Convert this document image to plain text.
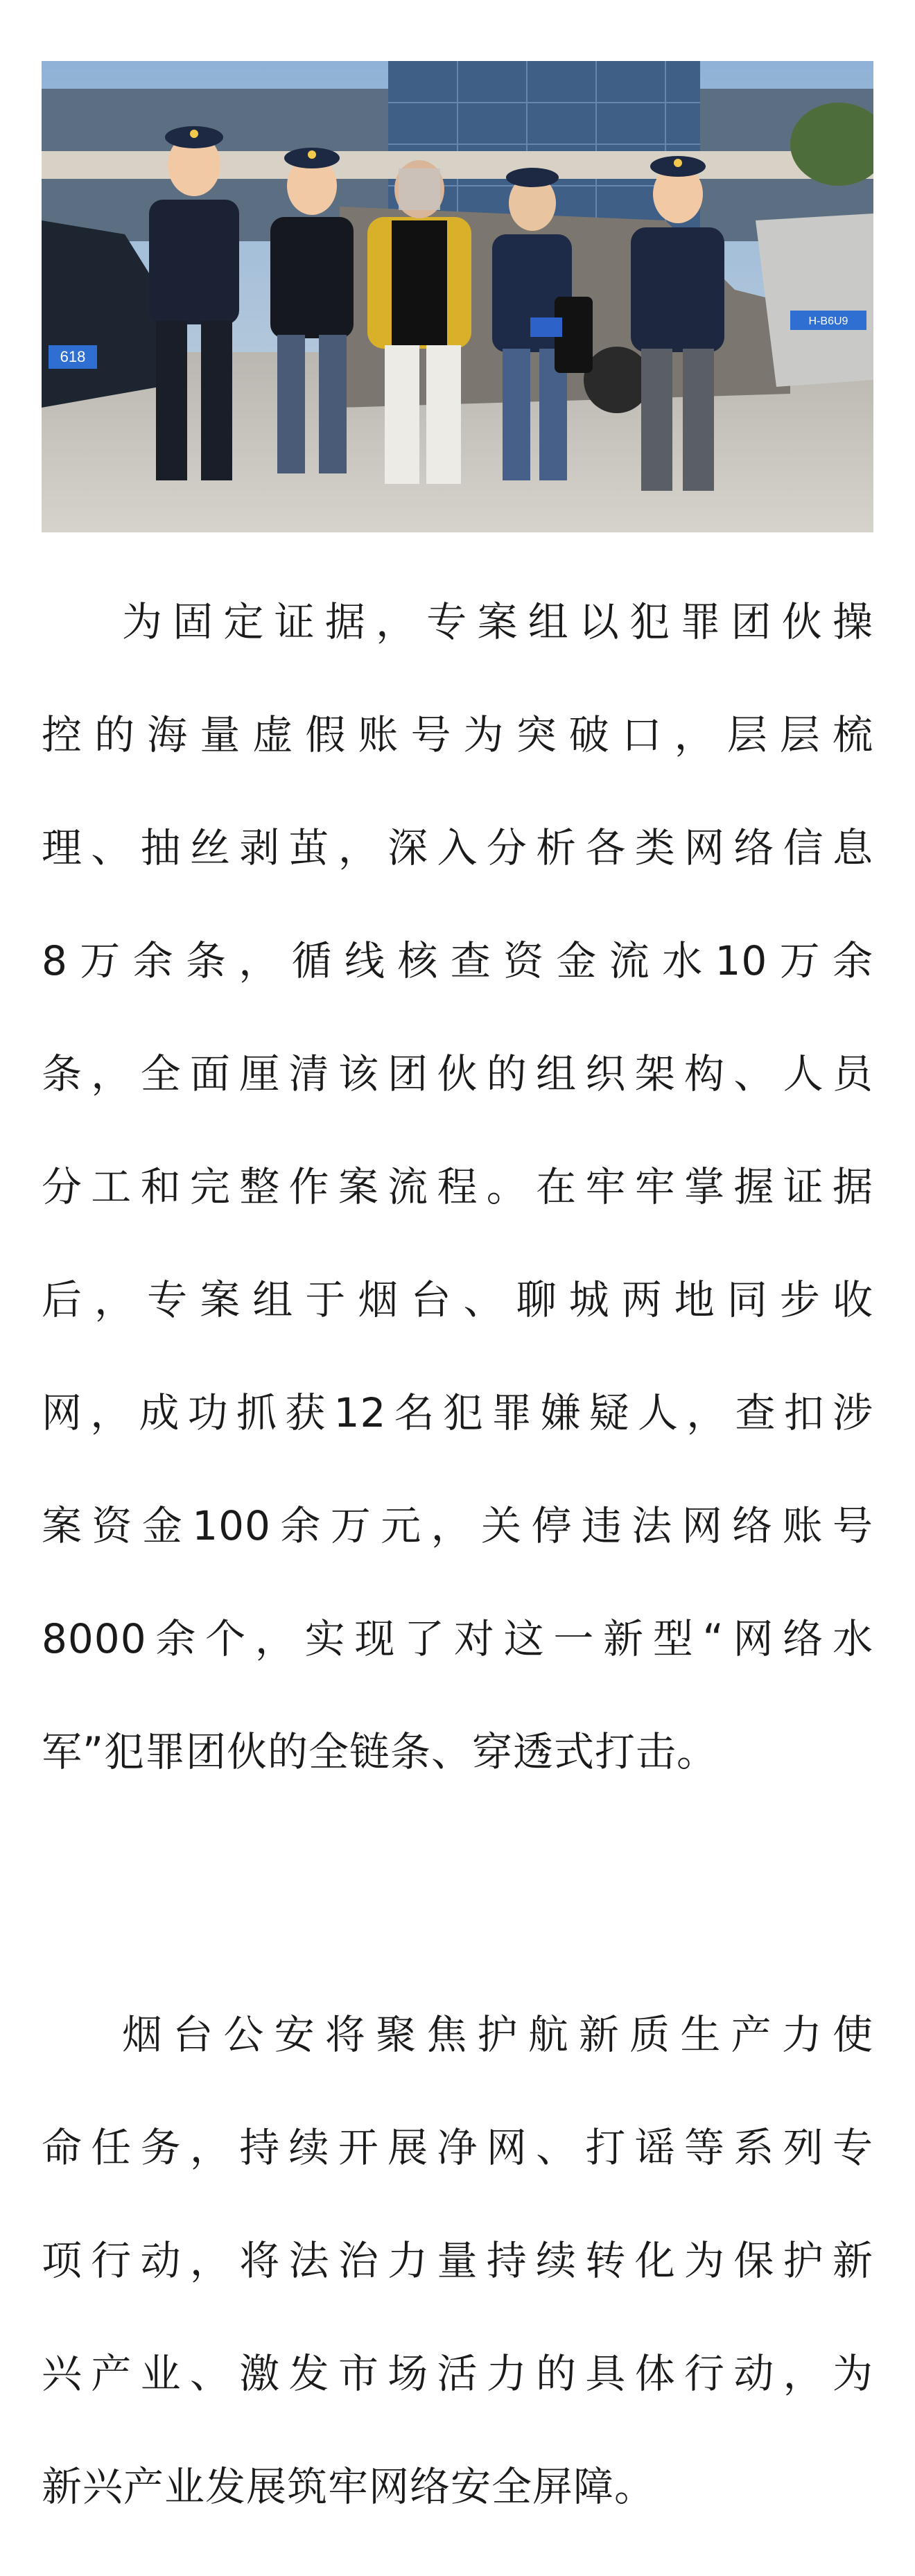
618
H-B6U9
为固定证据，专案组以犯罪团伙操
控的海量虚假账号为突破口，层层梳
理、抽丝剥茧，深入分析各类网络信息
8万余条，循线核查资金流水10万余
条，全面厘清该团伙的组织架构、人员
分工和完整作案流程。在牢牢掌握证据
后，专案组于烟台、聊城两地同步收
网，成功抓获12名犯罪嫌疑人，查扣涉
案资金100余万元，关停违法网络账号
8000余个，实现了对这一新型“网络水
军”犯罪团伙的全链条、穿透式打击。
烟台公安将聚焦护航新质生产力使
命任务，持续开展净网、打谣等系列专
项行动，将法治力量持续转化为保护新
兴产业、激发市场活力的具体行动，为
新兴产业发展筑牢网络安全屏障。
